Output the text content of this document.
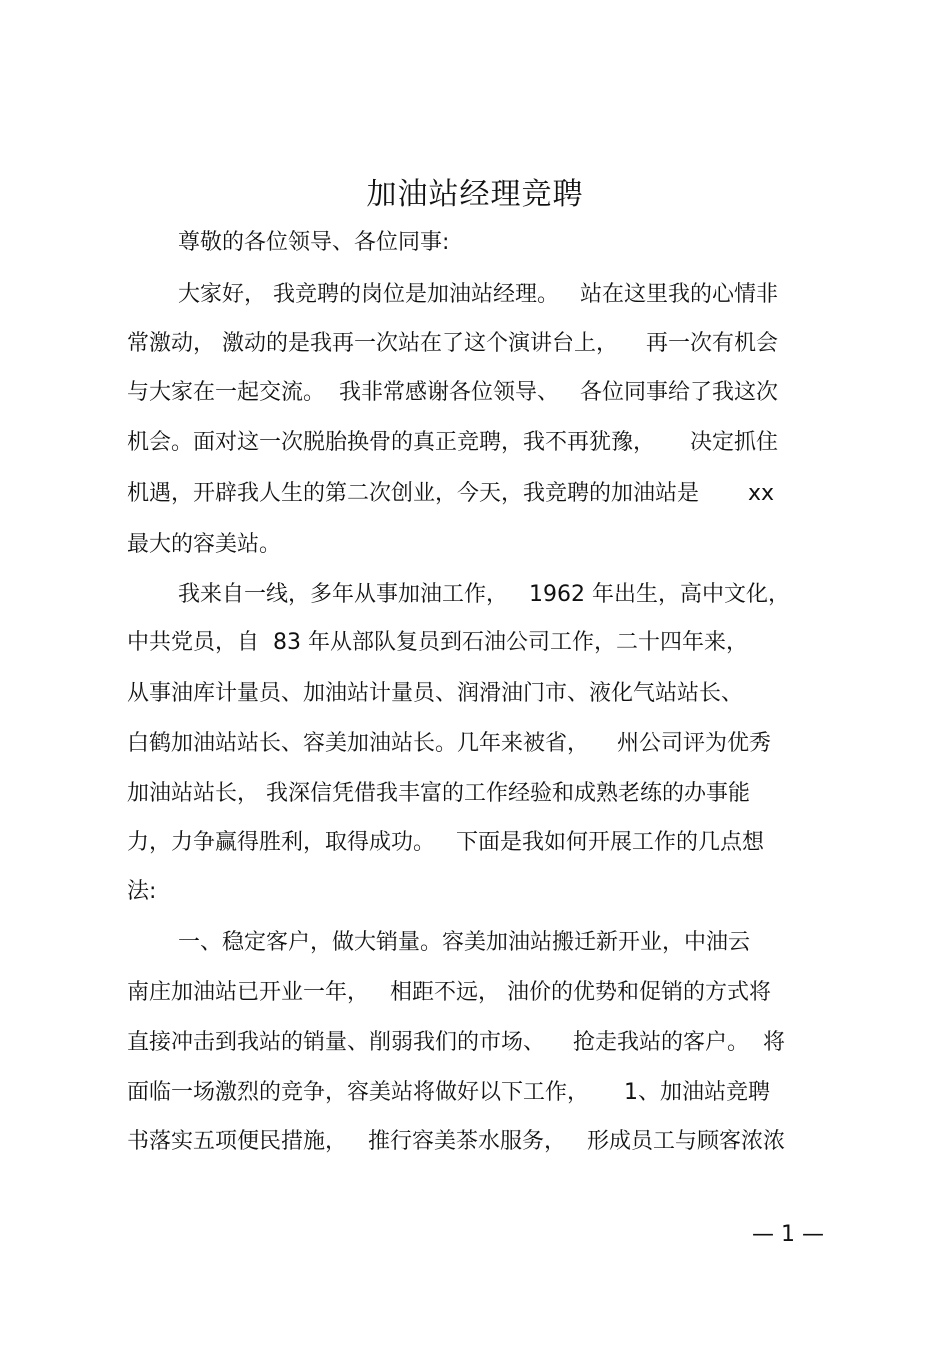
加油站经理竞聘
尊敬的各位领导、各位同事:
大家好， 我竞聘的岗位是加油站经理。   站在这里我的心情非
常激动， 激动的是我再一次站在了这个演讲台上，    再一次有机会
与大家在一起交流。  我非常感谢各位领导、   各位同事给了我这次
机会。面对这一次脱胎换骨的真正竞聘，我不再犹豫，     决定抓住
机遇，开辟我人生的第二次创业，今天，我竞聘的加油站是       xx
最大的容美站。
我来自一线，多年从事加油工作，   1962 年出生，高中文化，
中共党员，自  83 年从部队复员到石油公司工作，二十四年来，
从事油库计量员、加油站计量员、润滑油门市、液化气站站长、
白鹤加油站站长、容美加油站长。几年来被省，    州公司评为优秀
加油站站长， 我深信凭借我丰富的工作经验和成熟老练的办事能
力，力争赢得胜利，取得成功。   下面是我如何开展工作的几点想
法:
一、稳定客户，做大销量。容美加油站搬迁新开业，中油云
南庄加油站已开业一年，   相距不远， 油价的优势和促销的方式将
直接冲击到我站的销量、削弱我们的市场、    抢走我站的客户。  将
面临一场激烈的竞争，容美站将做好以下工作，     1、加油站竞聘
书落实五项便民措施，   推行容美茶水服务，   形成员工与顾客浓浓
— 1 —
